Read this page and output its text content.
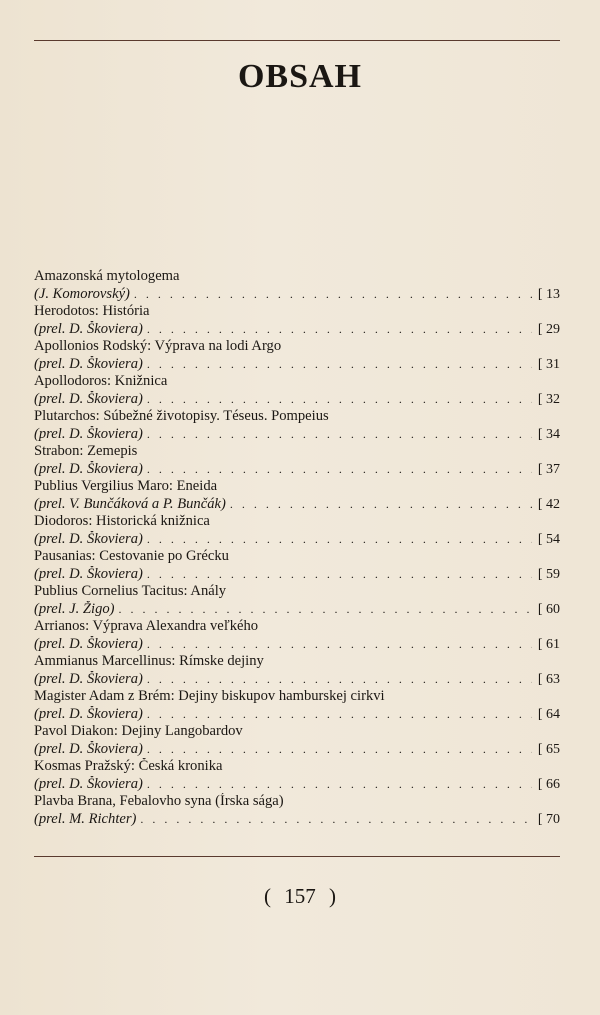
OBSAH
Amazonská mytologema
(J. Komorovský) . . .	[ 13
Herodotos: História
(prel. D. Škoviera) . . .	[ 29
Apollonios Rodský: Výprava na lodi Argo
(prel. D. Škoviera) . . .	[ 31
Apollodoros: Knižnica
(prel. D. Škoviera) . . .	[ 32
Plutarchos: Súbežné životopisy. Téseus. Pompeius
(prel. D. Škoviera) . . .	[ 34
Strabon: Zemepis
(prel. D. Škoviera) . . .	[ 37
Publius Vergilius Maro: Eneida
(prel. V. Bunčáková a P. Bunčák) . . .	[ 42
Diodoros: Historická knižnica
(prel. D. Škoviera) . . .	[ 54
Pausanias: Cestovanie po Grécku
(prel. D. Škoviera) . . .	[ 59
Publius Cornelius Tacitus: Anály
(prel. J. Žigo) . . .	[ 60
Arrianos: Výprava Alexandra veľkého
(prel. D. Škoviera) . . .	[ 61
Ammianus Marcellinus: Rímske dejiny
(prel. D. Škoviera) . . .	[ 63
Magister Adam z Brém: Dejiny biskupov hamburskej cirkvi
(prel. D. Škoviera) . . .	[ 64
Pavol Diakon: Dejiny Langobardov
(prel. D. Škoviera) . . .	[ 65
Kosmas Pražský: Česká kronika
(prel. D. Škoviera) . . .	[ 66
Plavba Brana, Febalovho syna (Írska sága)
(prel. M. Richter) . . .	[ 70
( 157 )
